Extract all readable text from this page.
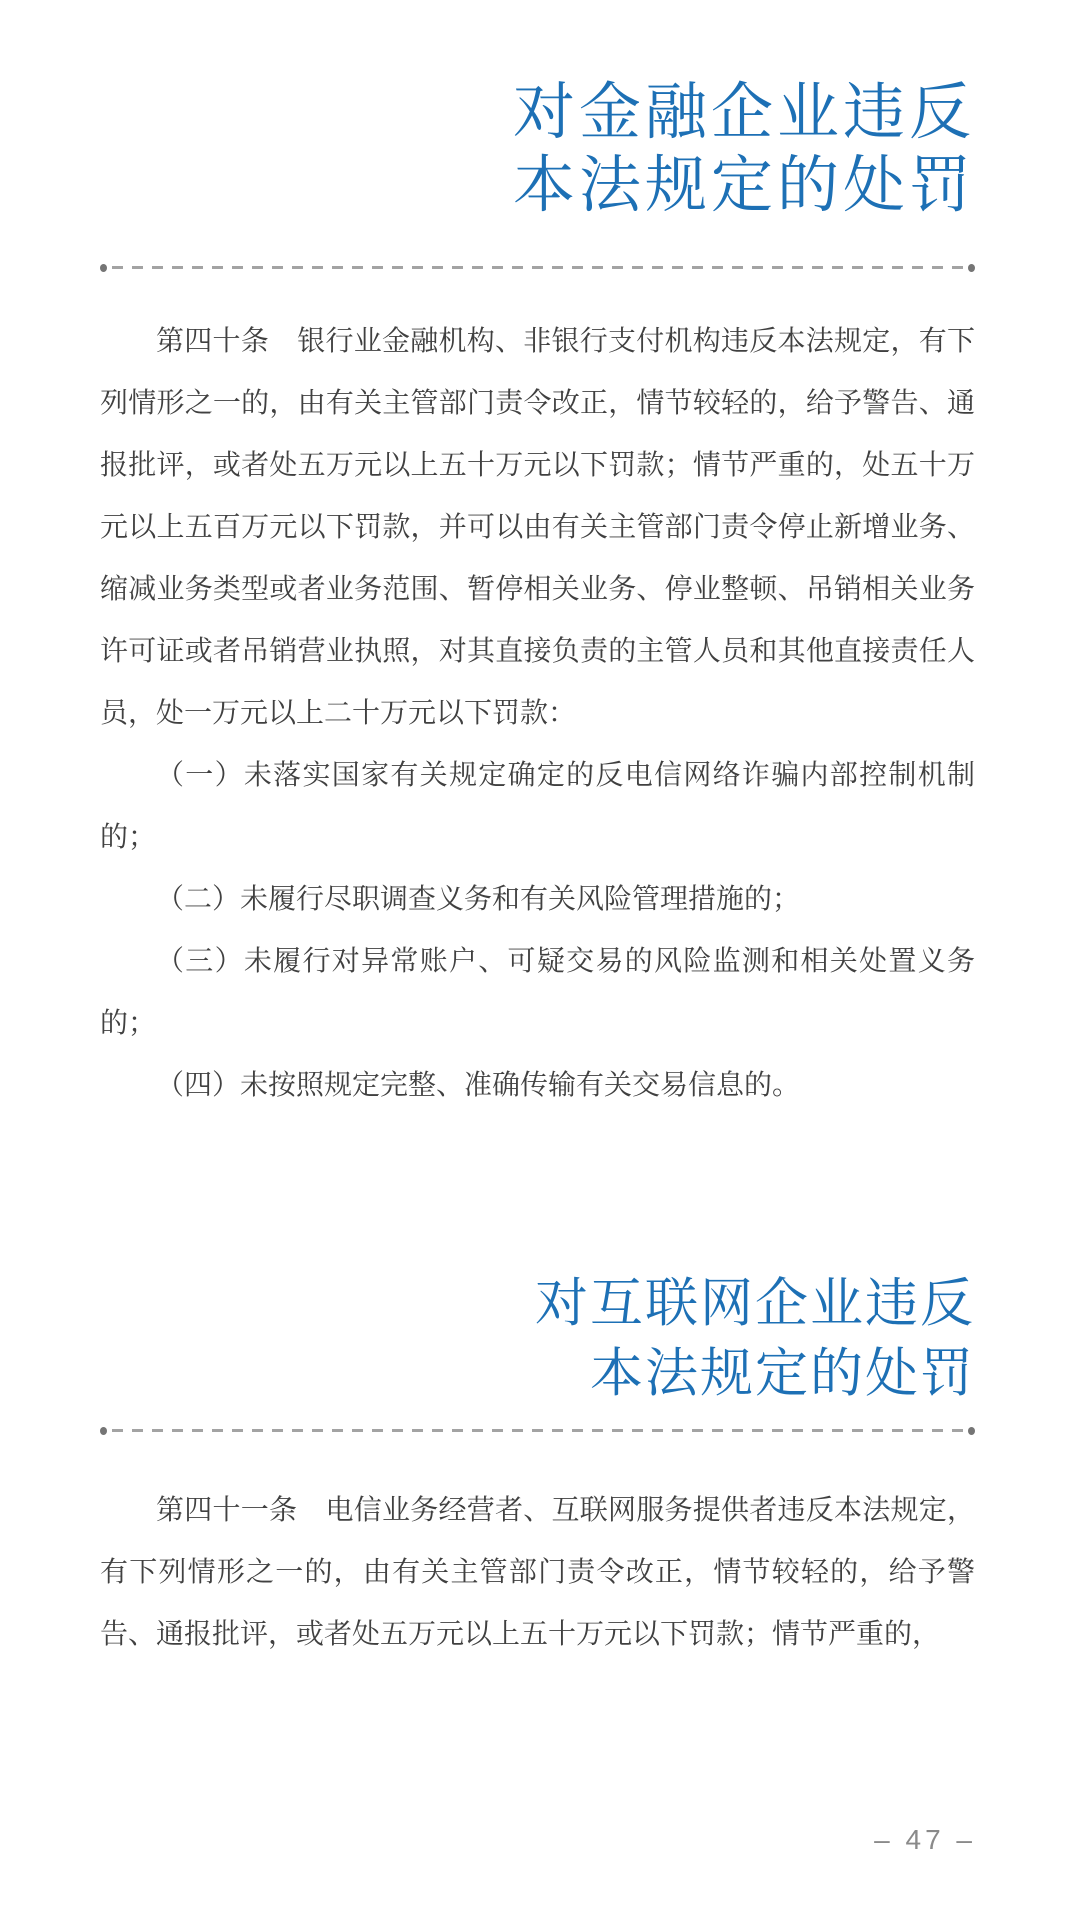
对金融企业违反
本法规定的处罚

第四十条　银行业金融机构、非银行支付机构违反本法规定，有下列情形之一的，由有关主管部门责令改正，情节较轻的，给予警告、通报批评，或者处五万元以上五十万元以下罚款；情节严重的，处五十万元以上五百万元以下罚款，并可以由有关主管部门责令停止新增业务、缩减业务类型或者业务范围、暂停相关业务、停业整顿、吊销相关业务许可证或者吊销营业执照，对其直接负责的主管人员和其他直接责任人员，处一万元以上二十万元以下罚款：

（一）未落实国家有关规定确定的反电信网络诈骗内部控制机制的；

（二）未履行尽职调查义务和有关风险管理措施的；

（三）未履行对异常账户、可疑交易的风险监测和相关处置义务的；

（四）未按照规定完整、准确传输有关交易信息的。

对互联网企业违反
本法规定的处罚

第四十一条　电信业务经营者、互联网服务提供者违反本法规定，有下列情形之一的，由有关主管部门责令改正，情节较轻的，给予警告、通报批评，或者处五万元以上五十万元以下罚款；情节严重的，

– 47 –
